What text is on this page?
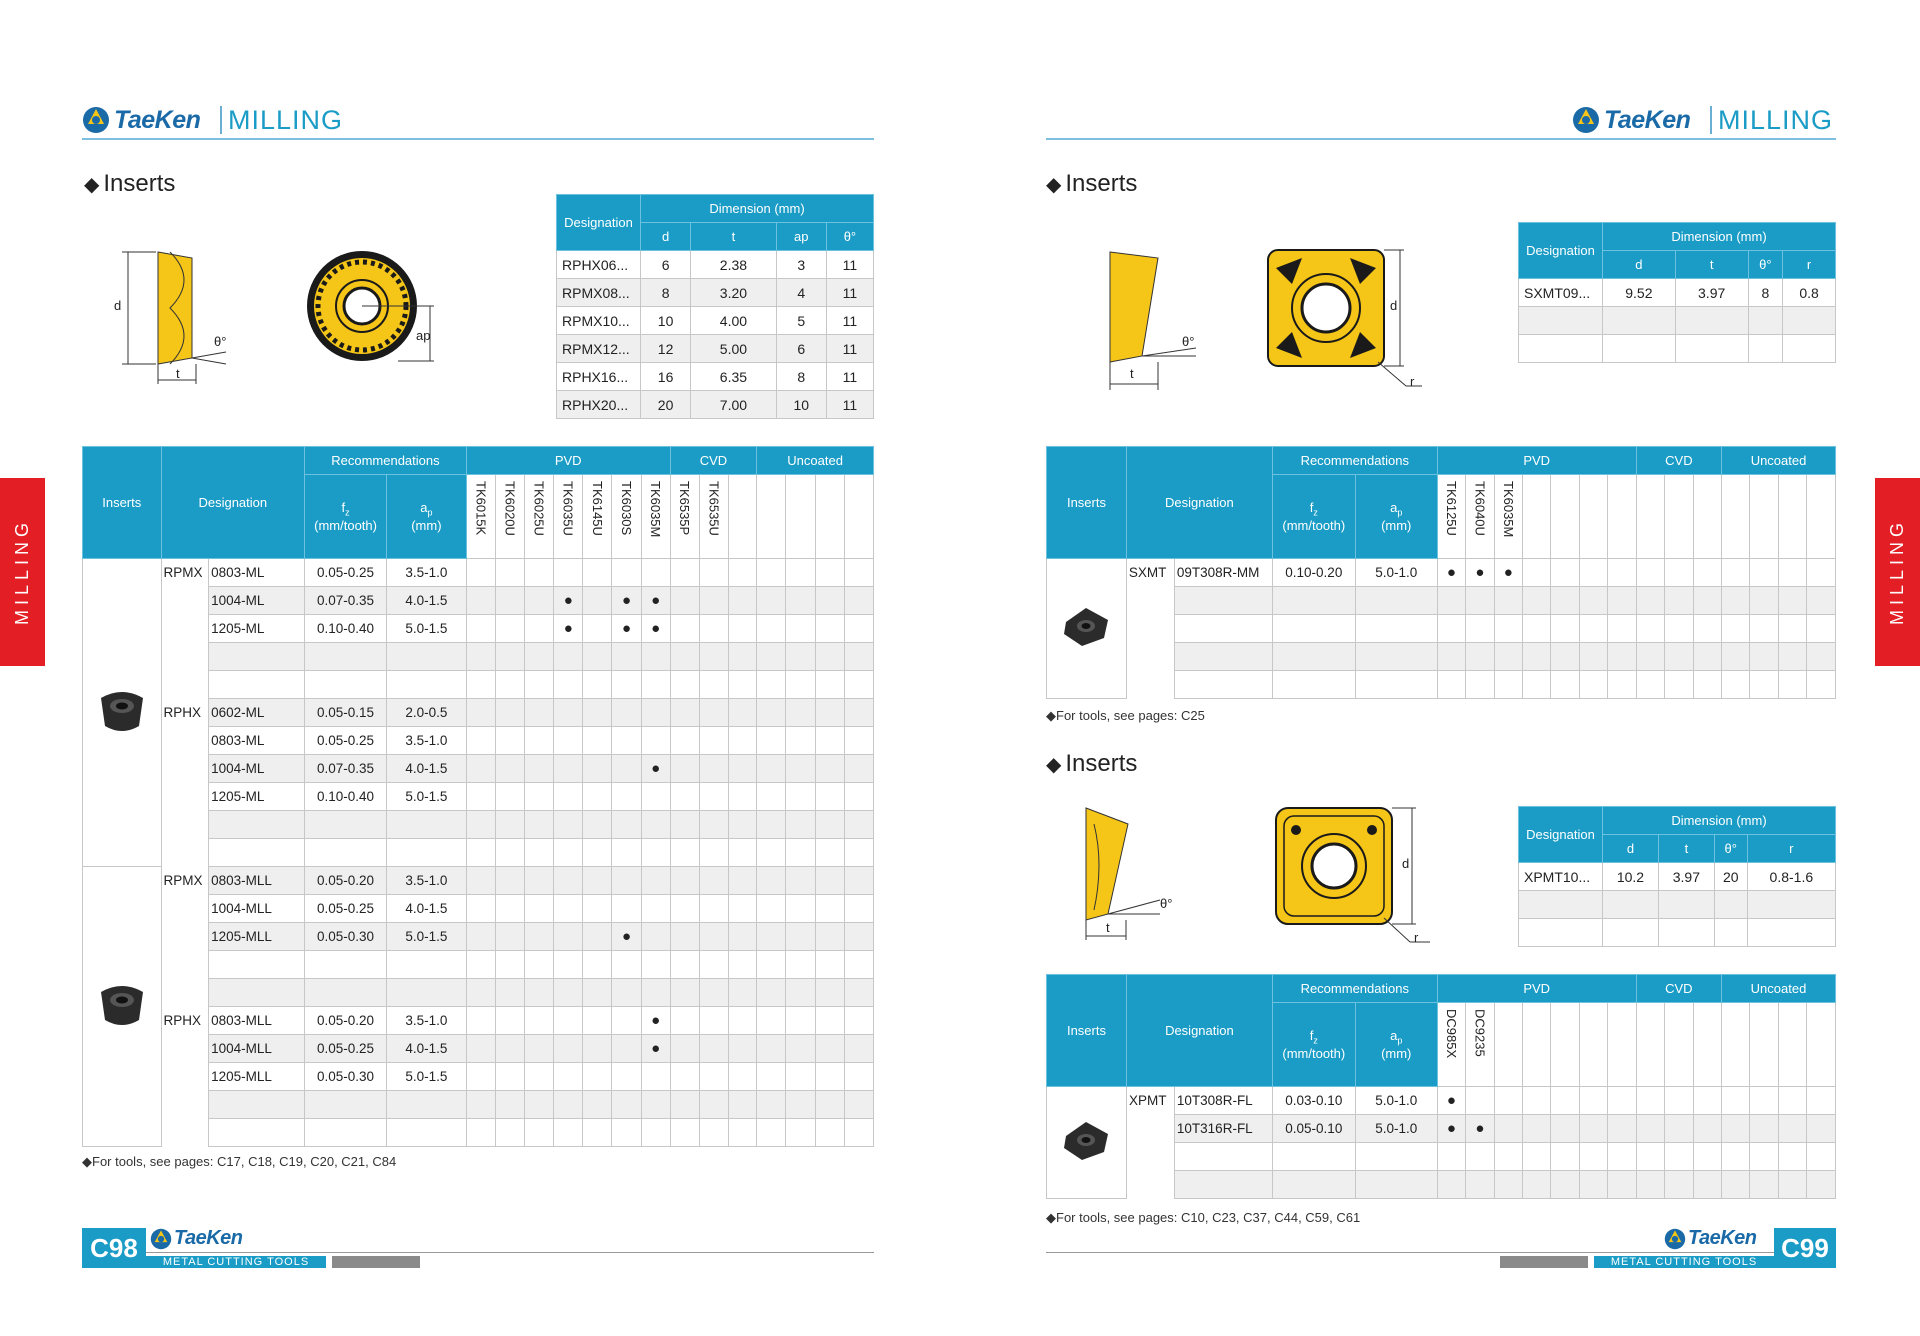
TaeKen MILLING
◆ Inserts
d
θ°
t
ap
Designation	Dimension (mm)			
	d	t	ap	θ°
RPHX06...	6	2.38	3	11
RPMX08...	8	3.20	4	11
RPMX10...	10	4.00	5	11
RPMX12...	12	5.00	6	11
RPHX16...	16	6.35	8	11
RPHX20...	20	7.00	10	11
Inserts	Designation		Recommendations		PVD							CVD			Uncoated			
			$f_z$
(mm/tooth)	$a_p$
(mm)	TK6015K	TK6020U	TK6025U	TK6035U	TK6145U	TK6030S	TK6035M	TK6535P	TK6535U					
	RPMX	0803-ML	0.05-0.25	3.5-1.0														
		1004-ML	0.07-0.35	4.0-1.5				●		●	●							
		1205-ML	0.10-0.40	5.0-1.5				●		●	●							

	RPHX	0602-ML	0.05-0.15	2.0-0.5														
		0803-ML	0.05-0.25	3.5-1.0														
		1004-ML	0.07-0.35	4.0-1.5							●							
		1205-ML	0.10-0.40	5.0-1.5														

	RPMX	0803-MLL	0.05-0.20	3.5-1.0														
		1004-MLL	0.05-0.25	4.0-1.5														
		1205-MLL	0.05-0.30	5.0-1.5						●								

	RPHX	0803-MLL	0.05-0.20	3.5-1.0							●							
		1004-MLL	0.05-0.25	4.0-1.5							●							
		1205-MLL	0.05-0.30	5.0-1.5														

◆For tools, see pages: C17, C18, C19, C20, C21, C84
MILLING
C98	TaeKen
METAL CUTTING TOOLS
TaeKen MILLING
◆ Inserts
θ°
t
d
r
Designation	Dimension (mm)			
	d	t	θ°	r
SXMT09...	9.52	3.97	8	0.8

Inserts	Designation		Recommendations		PVD							CVD			Uncoated			
			$f_z$
(mm/tooth)	$a_p$
(mm)	TK6125U	TK6040U	TK6035M											
	SXMT	09T308R-MM	0.10-0.20	5.0-1.0	●	●	●											

◆For tools, see pages: C25
◆ Inserts
θ°
t
d
r
Designation	Dimension (mm)			
	d	t	θ°	r
XPMT10...	10.2	3.97	20	0.8-1.6

Inserts	Designation		Recommendations		PVD							CVD			Uncoated			
			$f_z$
(mm/tooth)	$a_p$
(mm)	DC985X	DC9235												
	XPMT	10T308R-FL	0.03-0.10	5.0-1.0	●													
		10T316R-FL	0.05-0.10	5.0-1.0	●	●												

◆For tools, see pages: C10, C23, C37, C44, C59, C61
MILLING
METAL CUTTING TOOLS
TaeKen C99
